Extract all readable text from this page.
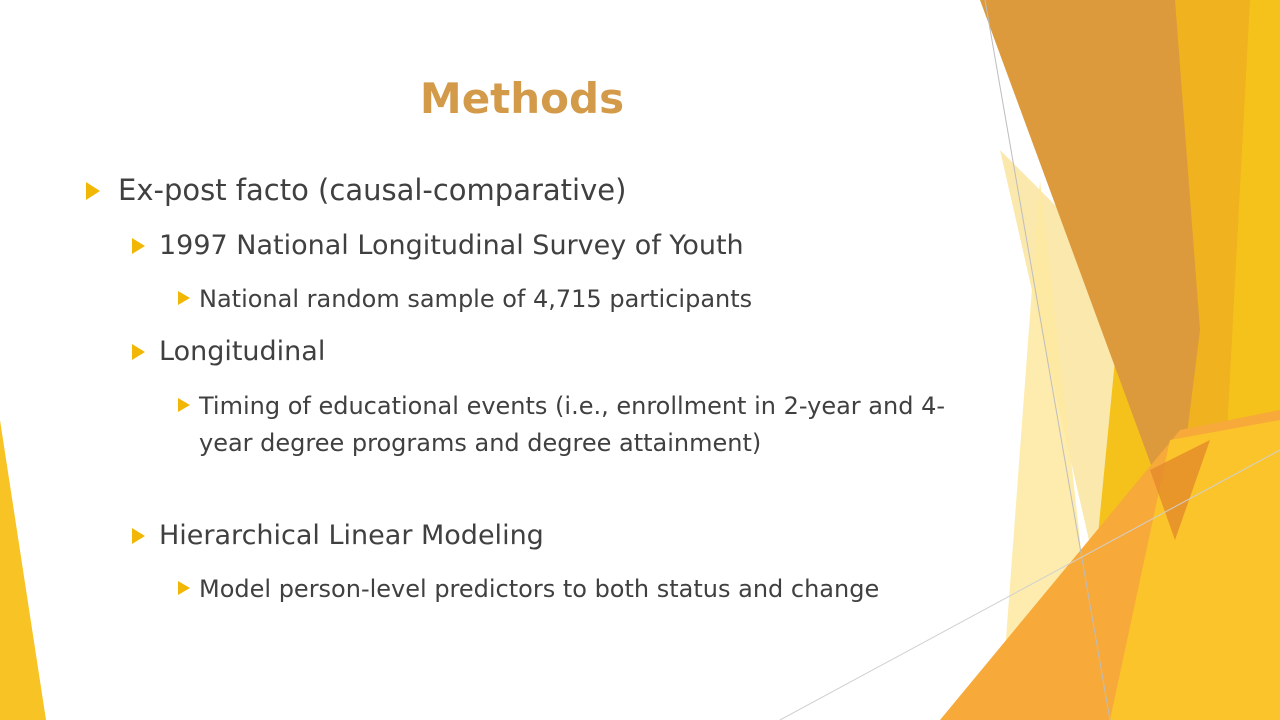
Methods
Ex-post facto (causal-comparative)
1997 National Longitudinal Survey of Youth
National random sample of 4,715 participants
Longitudinal
Timing of educational events (i.e., enrollment in 2-year and 4-year degree programs and degree attainment)
Hierarchical Linear Modeling
Model person-level predictors to both status and change
